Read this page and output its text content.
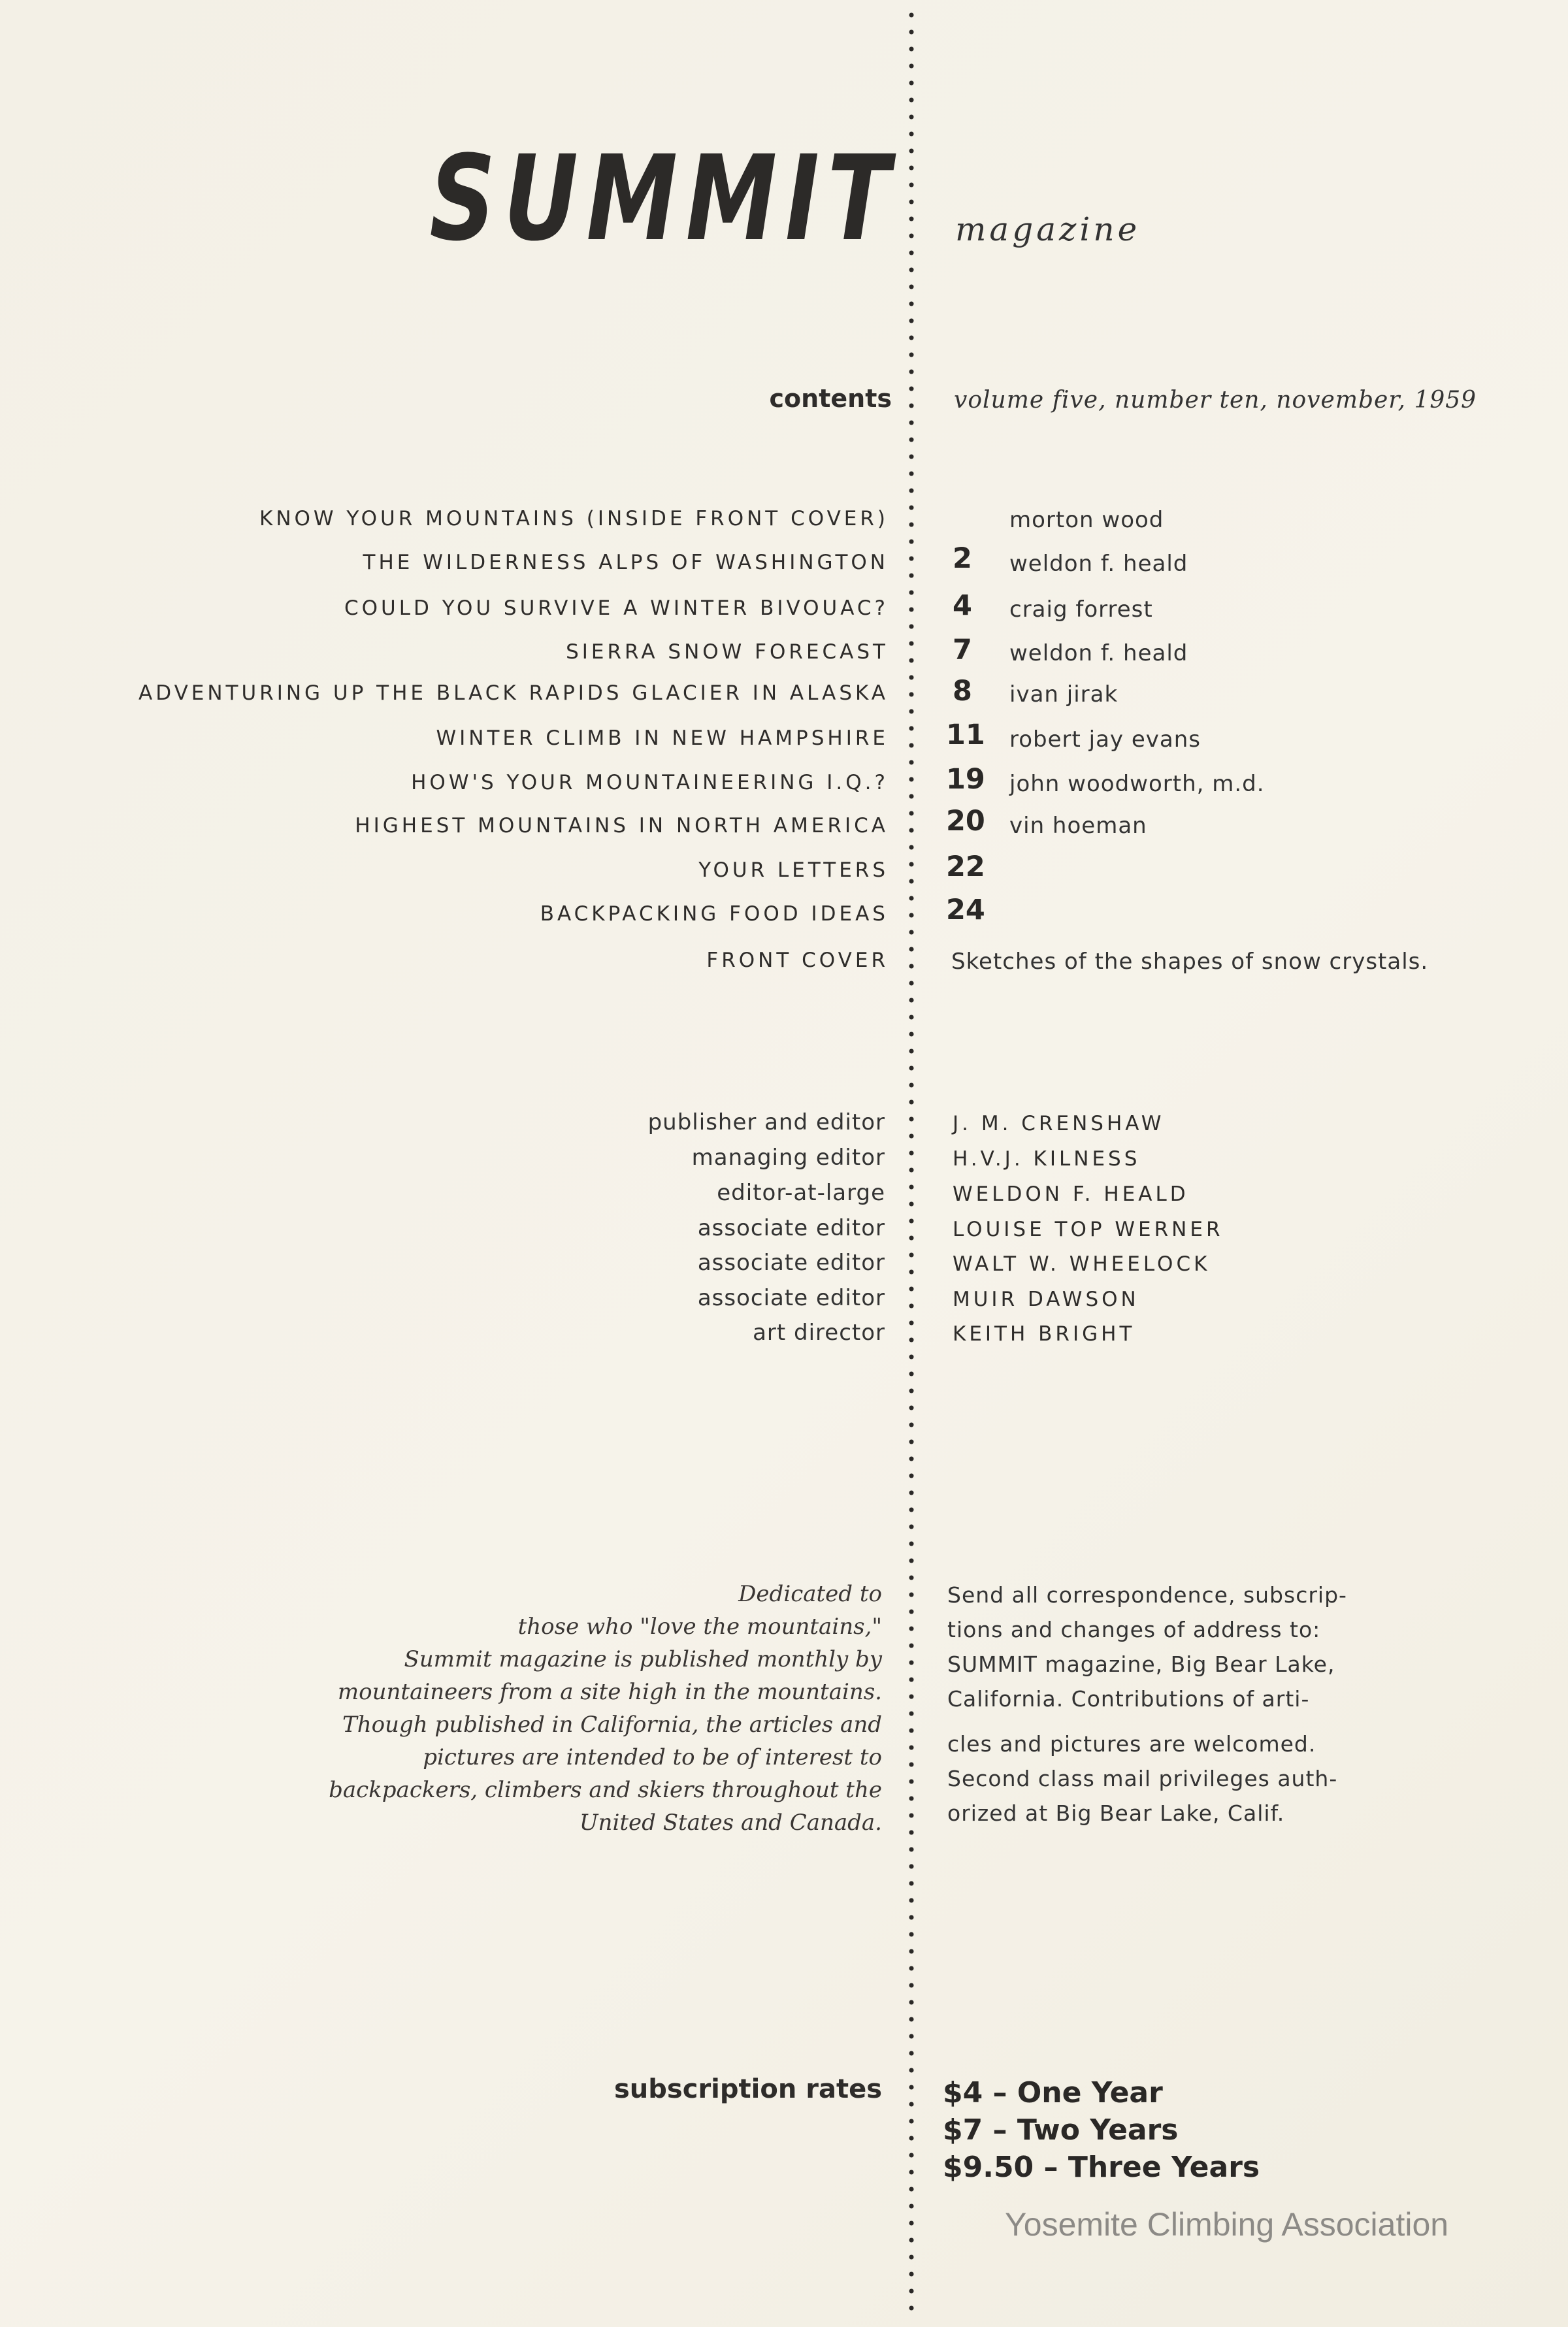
SUMMIT magazine
contents	volume five, number ten, november, 1959
KNOW YOUR MOUNTAINS (INSIDE FRONT COVER)	morton wood
THE WILDERNESS ALPS OF WASHINGTON 2 weldon f. heald
COULD YOU SURVIVE A WINTER BIVOUAC? 4 craig forrest
SIERRA SNOW FORECAST 7 weldon f. heald
ADVENTURING UP THE BLACK RAPIDS GLACIER IN ALASKA 8 ivan jirak
WINTER CLIMB IN NEW HAMPSHIRE 11 robert jay evans
HOW'S YOUR MOUNTAINEERING I.Q.? 19 john woodworth, m.d.
HIGHEST MOUNTAINS IN NORTH AMERICA 20 vin hoeman
YOUR LETTERS 22
BACKPACKING FOOD IDEAS 24
FRONT COVER	Sketches of the shapes of snow crystals.
publisher and editor	J. M. CRENSHAW
managing editor	H.V.J. KILNESS
editor-at-large	WELDON F. HEALD
associate editor	LOUISE TOP WERNER
associate editor	WALT W. WHEELOCK
associate editor	MUIR DAWSON
art director	KEITH BRIGHT
Dedicated to
those who "love the mountains,"
Summit magazine is published monthly by
mountaineers from a site high in the mountains.
Though published in California, the articles and
pictures are intended to be of interest to
backpackers, climbers and skiers throughout the
United States and Canada.
Send all correspondence, subscrip-
tions and changes of address to:
SUMMIT magazine, Big Bear Lake,
California. Contributions of arti-
cles and pictures are welcomed.
Second class mail privileges auth-
orized at Big Bear Lake, Calif.
subscription rates $4 – One Year
$7 – Two Years
$9.50 – Three Years
Yosemite Climbing Association
